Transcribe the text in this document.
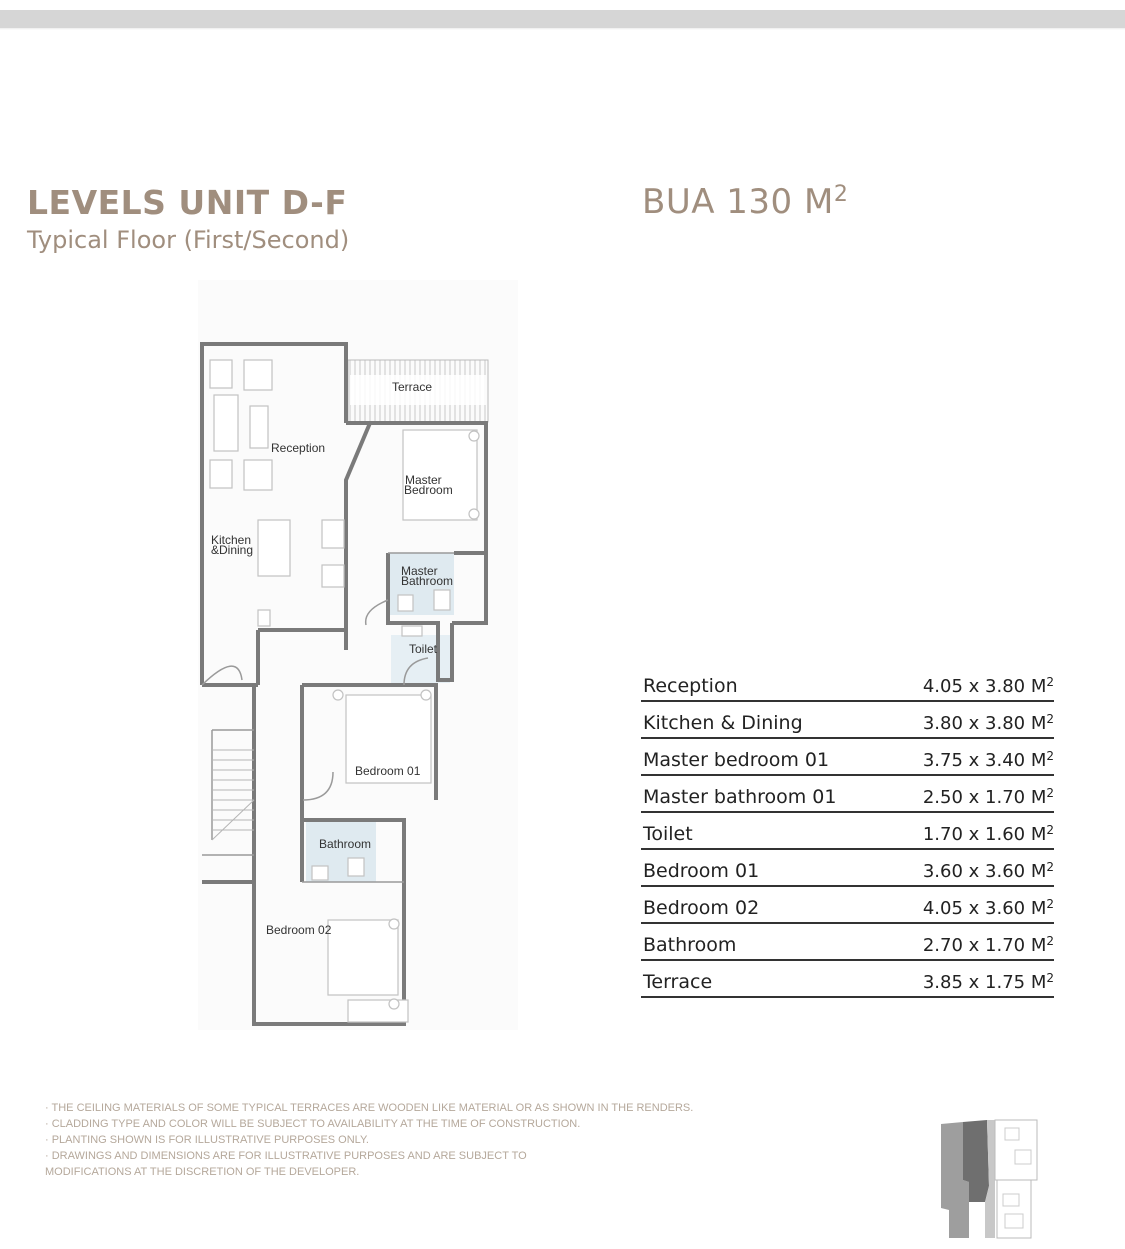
LEVELS UNIT D-F
Typical Floor (First/Second)
BUA 130 $M^2$
Terrace
Reception
Master
Bedroom
Kitchen
&Dining
Master
Bathroom
Toilet
Bedroom 01
Bathroom
Bedroom 02
Reception	4.05 x 3.80 $M^2$
Kitchen & Dining	3.80 x 3.80 $M^2$
Master bedroom 01	3.75 x 3.40 $M^2$
Master bathroom 01	2.50 x 1.70 $M^2$
Toilet	1.70 x 1.60 $M^2$
Bedroom 01	3.60 x 3.60 $M^2$
Bedroom 02	4.05 x 3.60 $M^2$
Bathroom	2.70 x 1.70 $M^2$
Terrace	3.85 x 1.75 $M^2$
· THE CEILING MATERIALS OF SOME TYPICAL TERRACES ARE WOODEN LIKE MATERIAL OR AS SHOWN IN THE RENDERS.
· CLADDING TYPE AND COLOR WILL BE SUBJECT TO AVAILABILITY AT THE TIME OF CONSTRUCTION.
· PLANTING SHOWN IS FOR ILLUSTRATIVE PURPOSES ONLY.
· DRAWINGS AND DIMENSIONS ARE FOR ILLUSTRATIVE PURPOSES AND ARE SUBJECT TO
MODIFICATIONS AT THE DISCRETION OF THE DEVELOPER.
